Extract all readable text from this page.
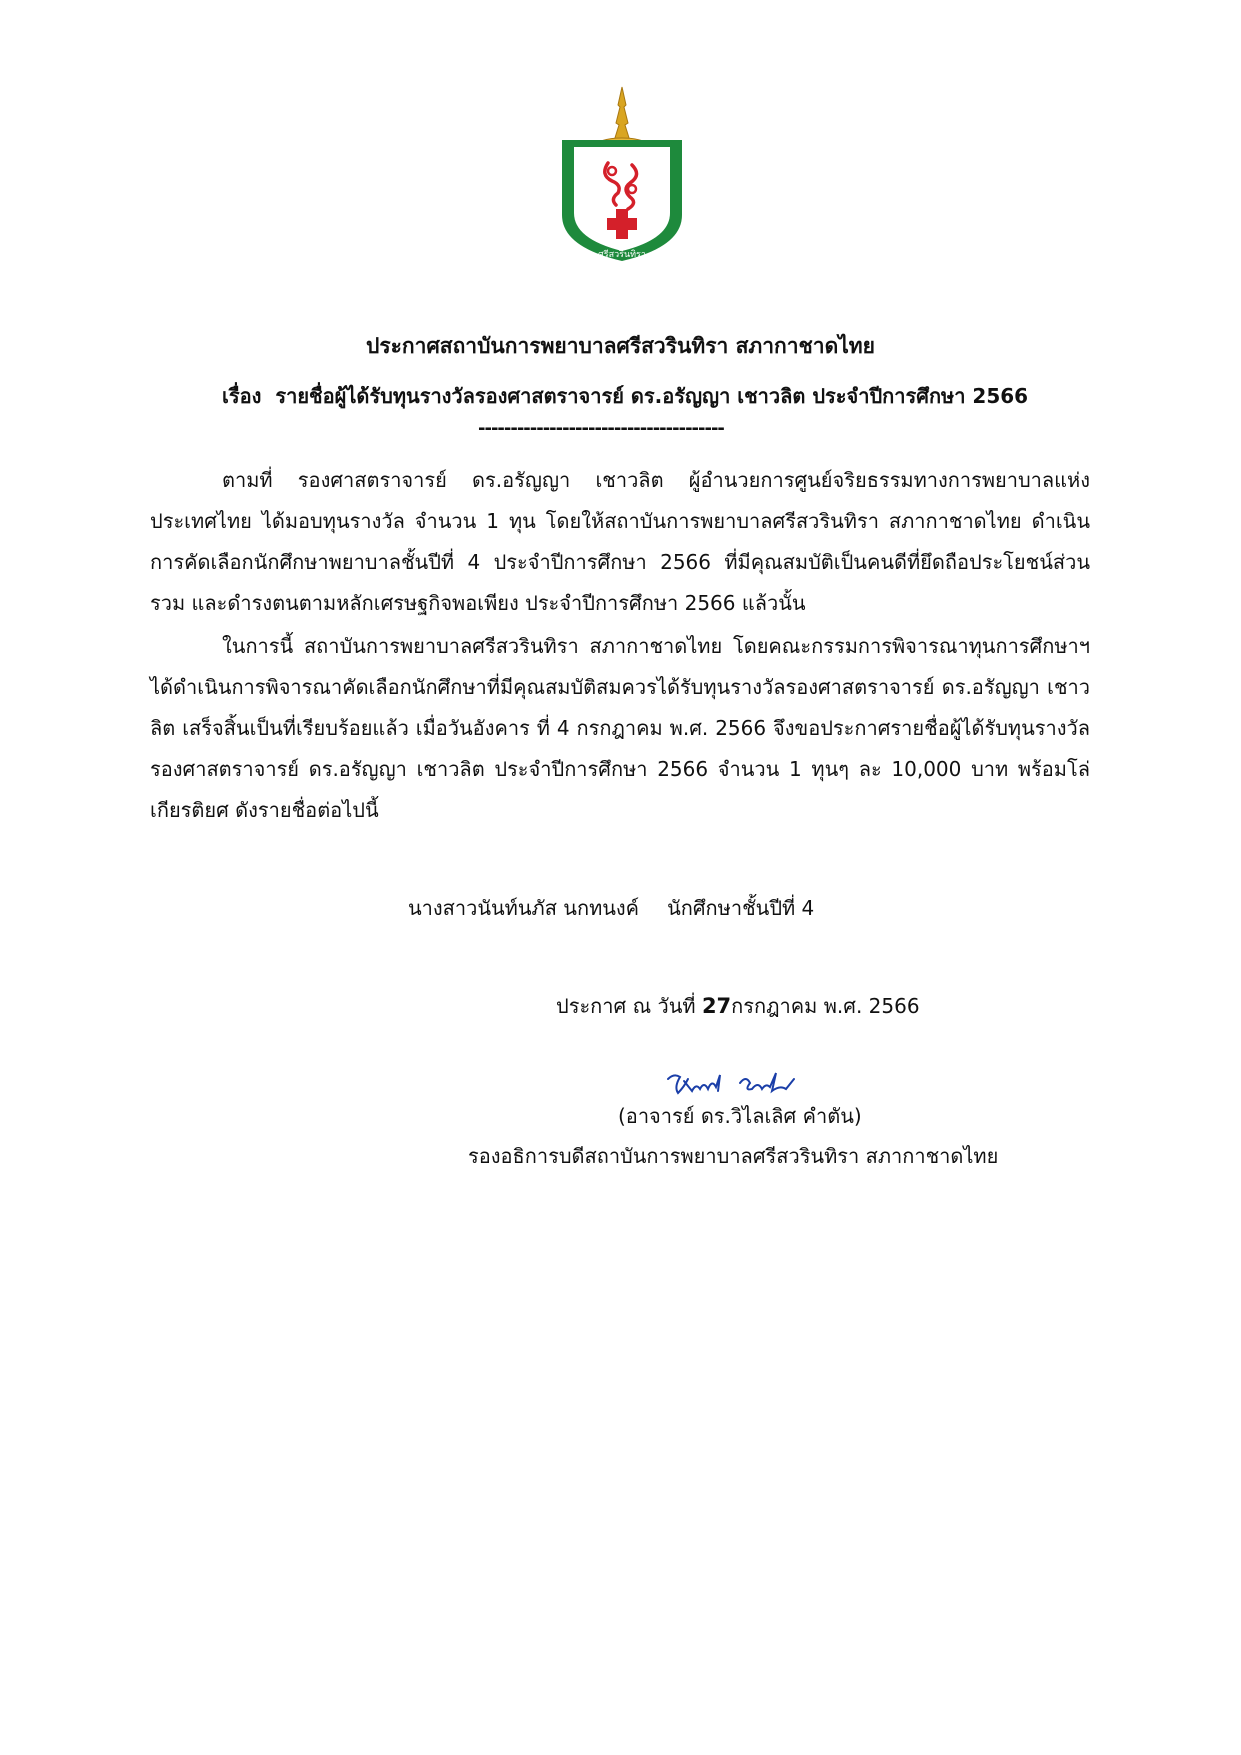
ศรีสวรินทิรา
ประกาศสถาบันการพยาบาลศรีสวรินทิรา สภากาชาดไทย
เรื่อง รายชื่อผู้ได้รับทุนรางวัลรองศาสตราจารย์ ดร.อรัญญา เชาวลิต ประจำปีการศึกษา 2566
--------------------------------------

ตามที่ รองศาสตราจารย์ ดร.อรัญญา เชาวลิต ผู้อำนวยการศูนย์จริยธรรมทางการพยาบาลแห่งประเทศไทย ได้มอบทุนรางวัล จำนวน 1 ทุน โดยให้สถาบันการพยาบาลศรีสวรินทิรา สภากาชาดไทย ดำเนินการคัดเลือกนักศึกษาพยาบาลชั้นปีที่ 4 ประจำปีการศึกษา 2566 ที่มีคุณสมบัติเป็นคนดีที่ยึดถือประโยชน์ส่วนรวม และดำรงตนตามหลักเศรษฐกิจพอเพียง ประจำปีการศึกษา 2566 แล้วนั้น

ในการนี้ สถาบันการพยาบาลศรีสวรินทิรา สภากาชาดไทย โดยคณะกรรมการพิจารณาทุนการศึกษาฯ ได้ดำเนินการพิจารณาคัดเลือกนักศึกษาที่มีคุณสมบัติสมควรได้รับทุนรางวัลรองศาสตราจารย์ ดร.อรัญญา เชาวลิต เสร็จสิ้นเป็นที่เรียบร้อยแล้ว เมื่อวันอังคาร ที่ 4 กรกฎาคม พ.ศ. 2566 จึงขอประกาศรายชื่อผู้ได้รับทุนรางวัลรองศาสตราจารย์ ดร.อรัญญา เชาวลิต ประจำปีการศึกษา 2566 จำนวน 1 ทุนๆ ละ 10,000 บาท พร้อมโล่เกียรติยศ ดังรายชื่อต่อไปนี้

นางสาวนันท์นภัส นกทนงค์ นักศึกษาชั้นปีที่ 4
ประกาศ ณ วันที่ 27กรกฎาคม พ.ศ. 2566
(อาจารย์ ดร.วิไลเลิศ คำตัน)
รองอธิการบดีสถาบันการพยาบาลศรีสวรินทิรา สภากาชาดไทย
